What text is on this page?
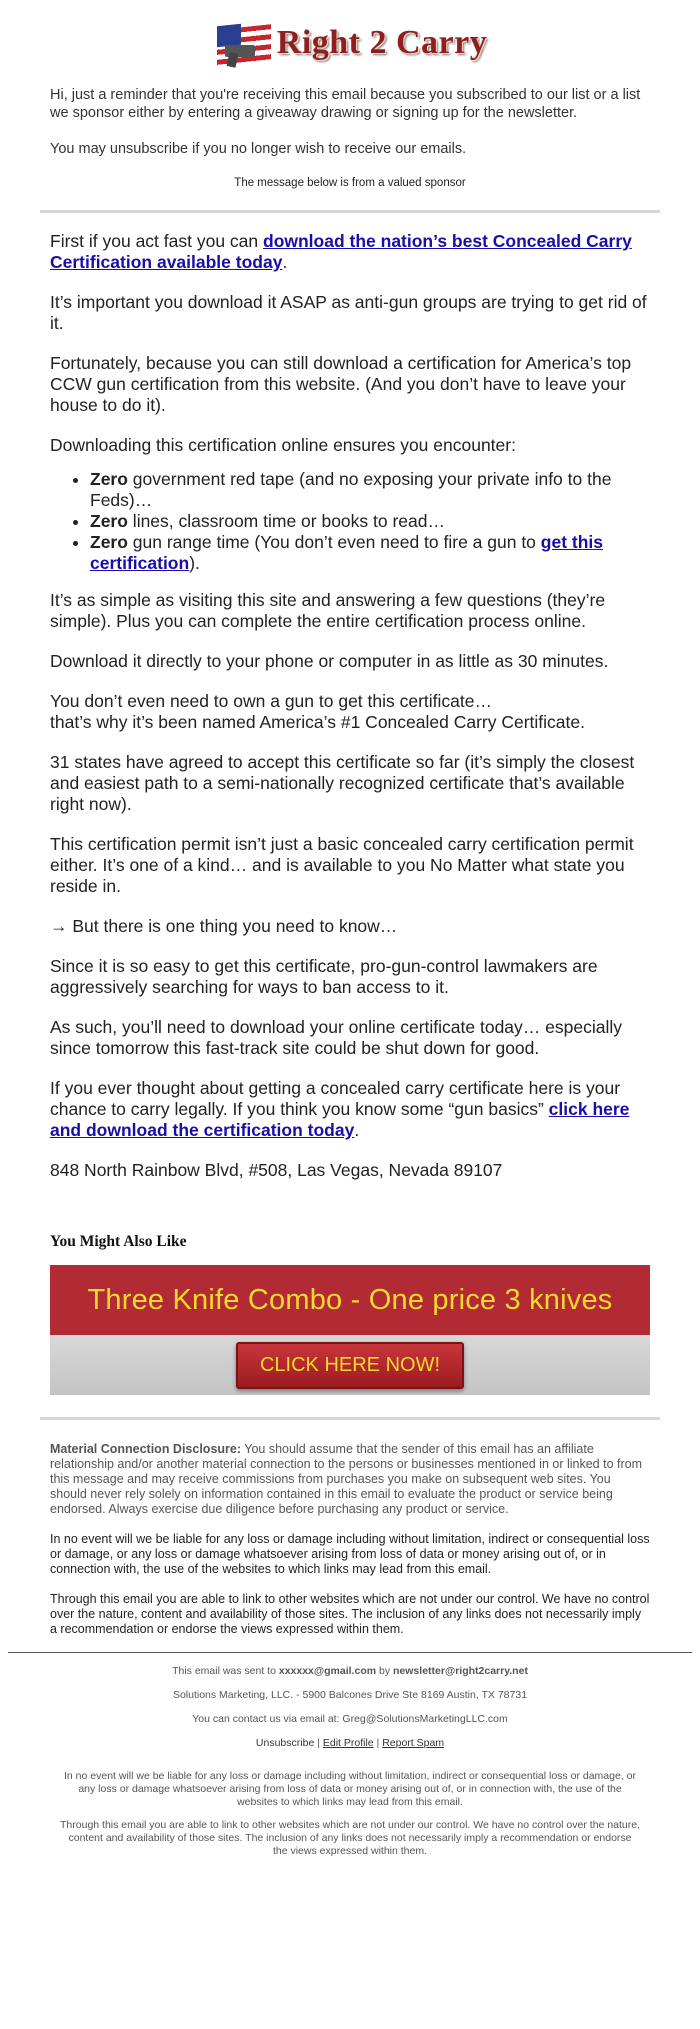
Right 2 Carry

Hi, just a reminder that you're receiving this email because you subscribed to our list or a list we sponsor either by entering a giveaway drawing or signing up for the newsletter.

You may unsubscribe if you no longer wish to receive our emails.

The message below is from a valued sponsor

First if you act fast you can download the nation’s best Concealed Carry Certification available today.

It’s important you download it ASAP as anti-gun groups are trying to get rid of it.

Fortunately, because you can still download a certification for America’s top CCW gun certification from this website. (And you don’t have to leave your house to do it).

Downloading this certification online ensures you encounter:

• Zero government red tape (and no exposing your private info to the Feds)…
• Zero lines, classroom time or books to read…
• Zero gun range time (You don’t even need to fire a gun to get this certification).

It’s as simple as visiting this site and answering a few questions (they’re simple). Plus you can complete the entire certification process online.

Download it directly to your phone or computer in as little as 30 minutes.

You don’t even need to own a gun to get this certificate…
that’s why it’s been named America’s #1 Concealed Carry Certificate.

31 states have agreed to accept this certificate so far (it’s simply the closest and easiest path to a semi-nationally recognized certificate that’s available right now).

This certification permit isn’t just a basic concealed carry certification permit either. It’s one of a kind… and is available to you No Matter what state you reside in.

→ But there is one thing you need to know…

Since it is so easy to get this certificate, pro-gun-control lawmakers are aggressively searching for ways to ban access to it.

As such, you’ll need to download your online certificate today… especially since tomorrow this fast-track site could be shut down for good.

If you ever thought about getting a concealed carry certificate here is your chance to carry legally. If you think you know some “gun basics” click here and download the certification today.

848 North Rainbow Blvd, #508, Las Vegas, Nevada 89107

You Might Also Like
Three Knife Combo - One price 3 knives
CLICK HERE NOW!

Material Connection Disclosure: You should assume that the sender of this email has an affiliate relationship and/or another material connection to the persons or businesses mentioned in or linked to from this message and may receive commissions from purchases you make on subsequent web sites. You should never rely solely on information contained in this email to evaluate the product or service being endorsed. Always exercise due diligence before purchasing any product or service.

In no event will we be liable for any loss or damage including without limitation, indirect or consequential loss or damage, or any loss or damage whatsoever arising from loss of data or money arising out of, or in connection with, the use of the websites to which links may lead from this email.

Through this email you are able to link to other websites which are not under our control. We have no control over the nature, content and availability of those sites. The inclusion of any links does not necessarily imply a recommendation or endorse the views expressed within them.

This email was sent to xxxxxx@gmail.com by newsletter@right2carry.net

Solutions Marketing, LLC. - 5900 Balcones Drive Ste 8169 Austin, TX 78731

You can contact us via email at: Greg@SolutionsMarketingLLC.com

Unsubscribe | Edit Profile | Report Spam

In no event will we be liable for any loss or damage including without limitation, indirect or consequential loss or damage, or any loss or damage whatsoever arising from loss of data or money arising out of, or in connection with, the use of the websites to which links may lead from this email.

Through this email you are able to link to other websites which are not under our control. We have no control over the nature, content and availability of those sites. The inclusion of any links does not necessarily imply a recommendation or endorse the views expressed within them.
